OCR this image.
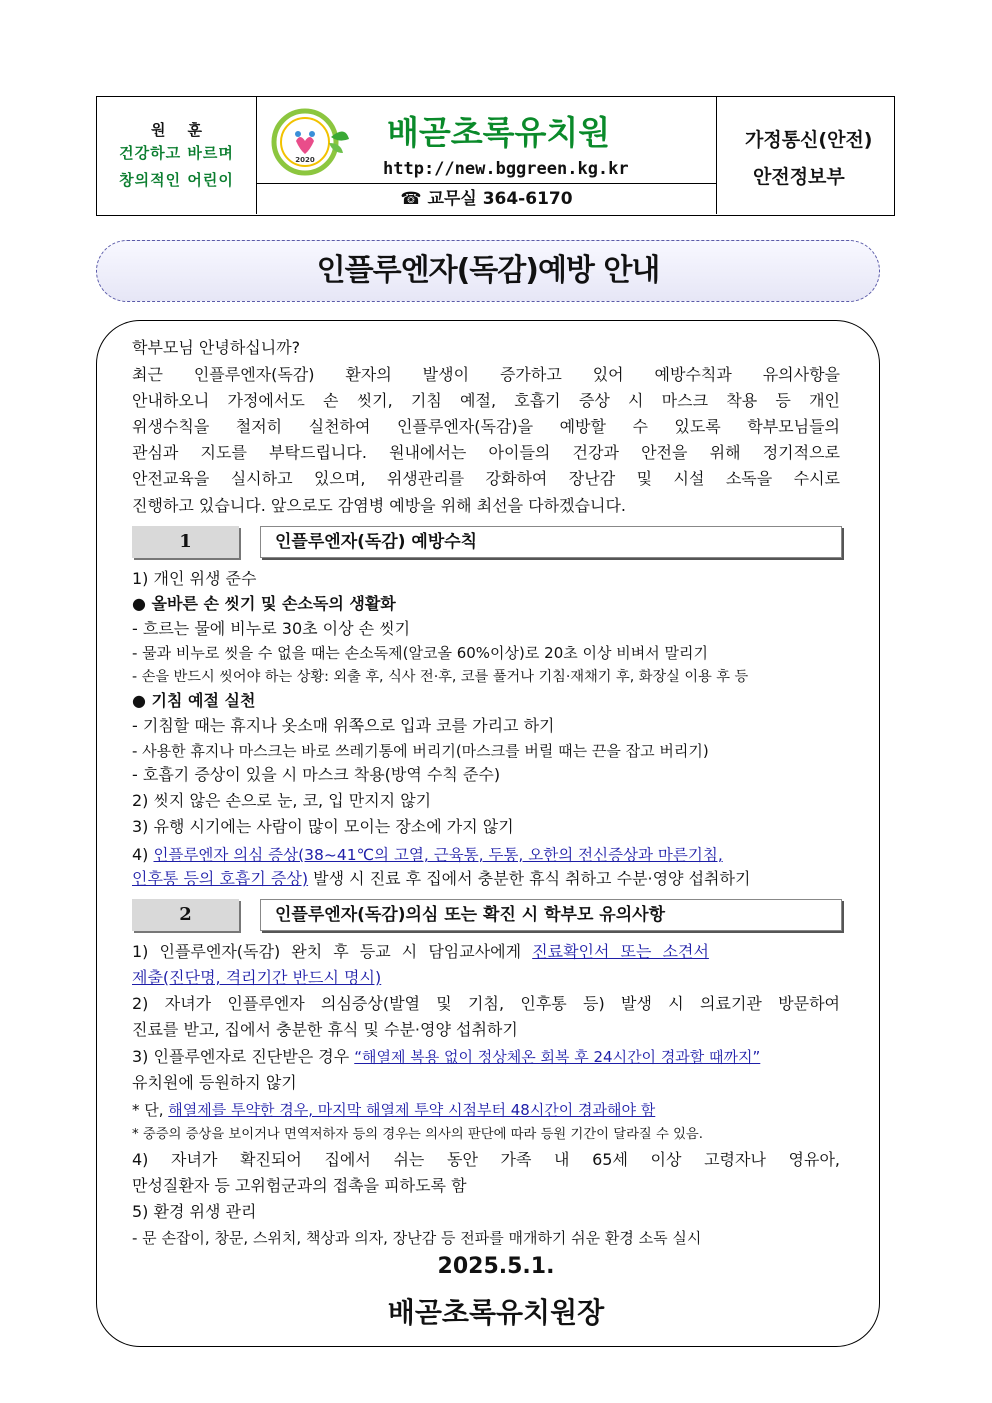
원훈
건강하고 바르며
창의적인 어린이
2020
배곧초록유치원
http://new.bggreen.kg.kr
☎ 교무실 364-6170
가정통신(안전)
안전정보부
인플루엔자(독감)예방 안내
학부모님 안녕하십니까?
최근 인플루엔자(독감) 환자의 발생이 증가하고 있어 예방수칙과 유의사항을
안내하오니 가정에서도 손 씻기, 기침 예절, 호흡기 증상 시 마스크 착용 등 개인
위생수칙을 철저히 실천하여 인플루엔자(독감)을 예방할 수 있도록 학부모님들의
관심과 지도를 부탁드립니다. 원내에서는 아이들의 건강과 안전을 위해 정기적으로
안전교육을 실시하고 있으며, 위생관리를 강화하여 장난감 및 시설 소독을 수시로
진행하고 있습니다. 앞으로도 감염병 예방을 위해 최선을 다하겠습니다.
1	인플루엔자(독감) 예방수칙
1) 개인 위생 준수
● 올바른 손 씻기 및 손소독의 생활화
- 흐르는 물에 비누로 30초 이상 손 씻기
- 물과 비누로 씻을 수 없을 때는 손소독제(알코올 60%이상)로 20초 이상 비벼서 말리기
- 손을 반드시 씻어야 하는 상황: 외출 후, 식사 전·후, 코를 풀거나 기침·재채기 후, 화장실 이용 후 등
● 기침 예절 실천
- 기침할 때는 휴지나 옷소매 위쪽으로 입과 코를 가리고 하기
- 사용한 휴지나 마스크는 바로 쓰레기통에 버리기(마스크를 버릴 때는 끈을 잡고 버리기)
- 호흡기 증상이 있을 시 마스크 착용(방역 수칙 준수)
2) 씻지 않은 손으로 눈, 코, 입 만지지 않기
3) 유행 시기에는 사람이 많이 모이는 장소에 가지 않기
4) 인플루엔자 의심 증상(38~41℃의 고열, 근육통, 두통, 오한의 전신증상과 마른기침,
인후통 등의 호흡기 증상) 발생 시 진료 후 집에서 충분한 휴식 취하고 수분·영양 섭취하기
2	인플루엔자(독감)의심 또는 확진 시 학부모 유의사항
1) 인플루엔자(독감) 완치 후 등교 시 담임교사에게 진료확인서 또는 소견서
제출(진단명, 격리기간 반드시 명시)
2) 자녀가 인플루엔자 의심증상(발열 및 기침, 인후통 등) 발생 시 의료기관 방문하여
진료를 받고, 집에서 충분한 휴식 및 수분·영양 섭취하기
3) 인플루엔자로 진단받은 경우 “해열제 복용 없이 정상체온 회복 후 24시간이 경과할 때까지”
유치원에 등원하지 않기
* 단, 해열제를 투약한 경우, 마지막 해열제 투약 시점부터 48시간이 경과해야 함
* 중증의 증상을 보이거나 면역저하자 등의 경우는 의사의 판단에 따라 등원 기간이 달라질 수 있음.
4) 자녀가 확진되어 집에서 쉬는 동안 가족 내 65세 이상 고령자나 영유아,
만성질환자 등 고위험군과의 접촉을 피하도록 함
5) 환경 위생 관리
- 문 손잡이, 창문, 스위치, 책상과 의자, 장난감 등 전파를 매개하기 쉬운 환경 소독 실시
2025.5.1.
배곧초록유치원장
